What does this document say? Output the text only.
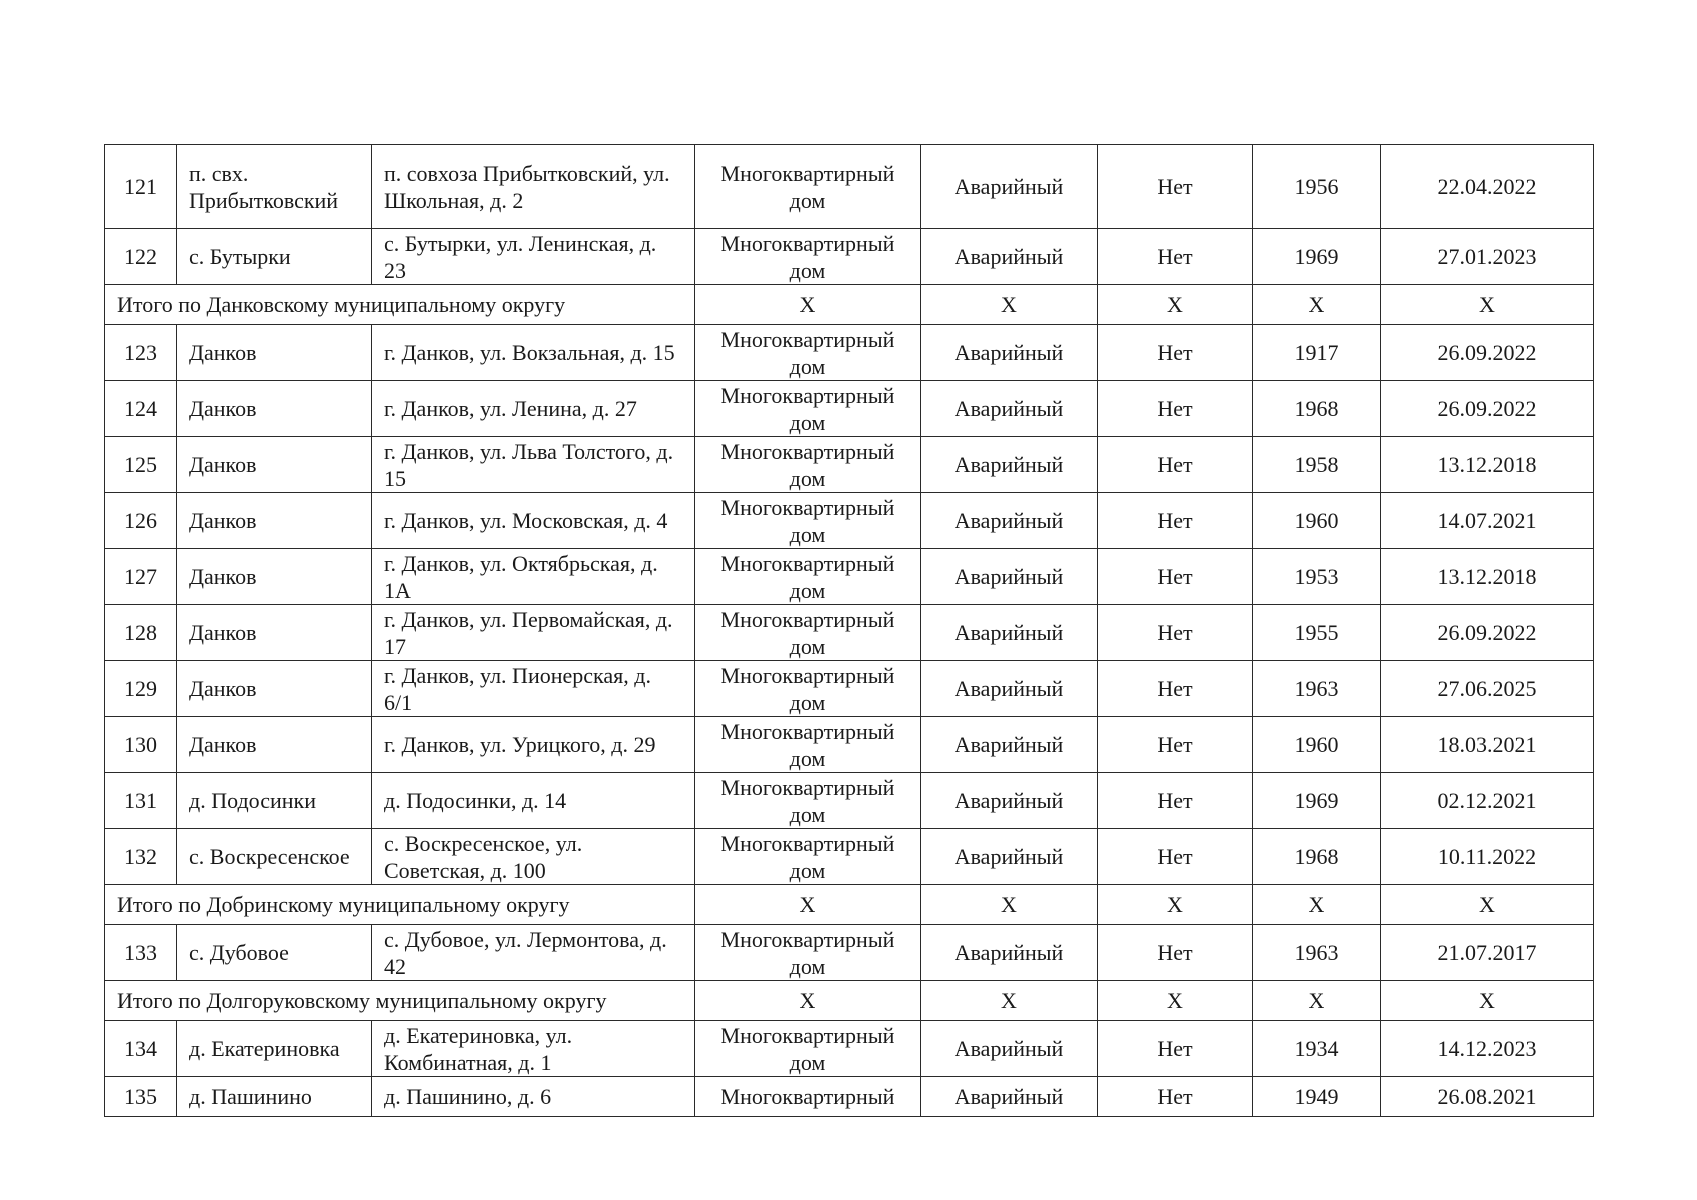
121	п. свх. Прибытковский	п. совхоза Прибытковский, ул. Школьная, д. 2	Многоквартирный дом	Аварийный	Нет	1956	22.04.2022
122	с. Бутырки	с. Бутырки, ул. Ленинская, д. 23	Многоквартирный дом	Аварийный	Нет	1969	27.01.2023
Итого по Данковскому муниципальному округу			X	X	X	X	X
123	Данков	г. Данков, ул. Вокзальная, д. 15	Многоквартирный дом	Аварийный	Нет	1917	26.09.2022
124	Данков	г. Данков, ул. Ленина, д. 27	Многоквартирный дом	Аварийный	Нет	1968	26.09.2022
125	Данков	г. Данков, ул. Льва Толстого, д. 15	Многоквартирный дом	Аварийный	Нет	1958	13.12.2018
126	Данков	г. Данков, ул. Московская, д. 4	Многоквартирный дом	Аварийный	Нет	1960	14.07.2021
127	Данков	г. Данков, ул. Октябрьская, д. 1А	Многоквартирный дом	Аварийный	Нет	1953	13.12.2018
128	Данков	г. Данков, ул. Первомайская, д. 17	Многоквартирный дом	Аварийный	Нет	1955	26.09.2022
129	Данков	г. Данков, ул. Пионерская, д. 6/1	Многоквартирный дом	Аварийный	Нет	1963	27.06.2025
130	Данков	г. Данков, ул. Урицкого, д. 29	Многоквартирный дом	Аварийный	Нет	1960	18.03.2021
131	д. Подосинки	д. Подосинки, д. 14	Многоквартирный дом	Аварийный	Нет	1969	02.12.2021
132	с. Воскресенское	с. Воскресенское, ул. Советская, д. 100	Многоквартирный дом	Аварийный	Нет	1968	10.11.2022
Итого по Добринскому муниципальному округу			X	X	X	X	X
133	с. Дубовое	с. Дубовое, ул. Лермонтова, д. 42	Многоквартирный дом	Аварийный	Нет	1963	21.07.2017
Итого по Долгоруковскому муниципальному округу			X	X	X	X	X
134	д. Екатериновка	д. Екатериновка, ул. Комбинатная, д. 1	Многоквартирный дом	Аварийный	Нет	1934	14.12.2023
135	д. Пашинино	д. Пашинино, д. 6	Многоквартирный	Аварийный	Нет	1949	26.08.2021
